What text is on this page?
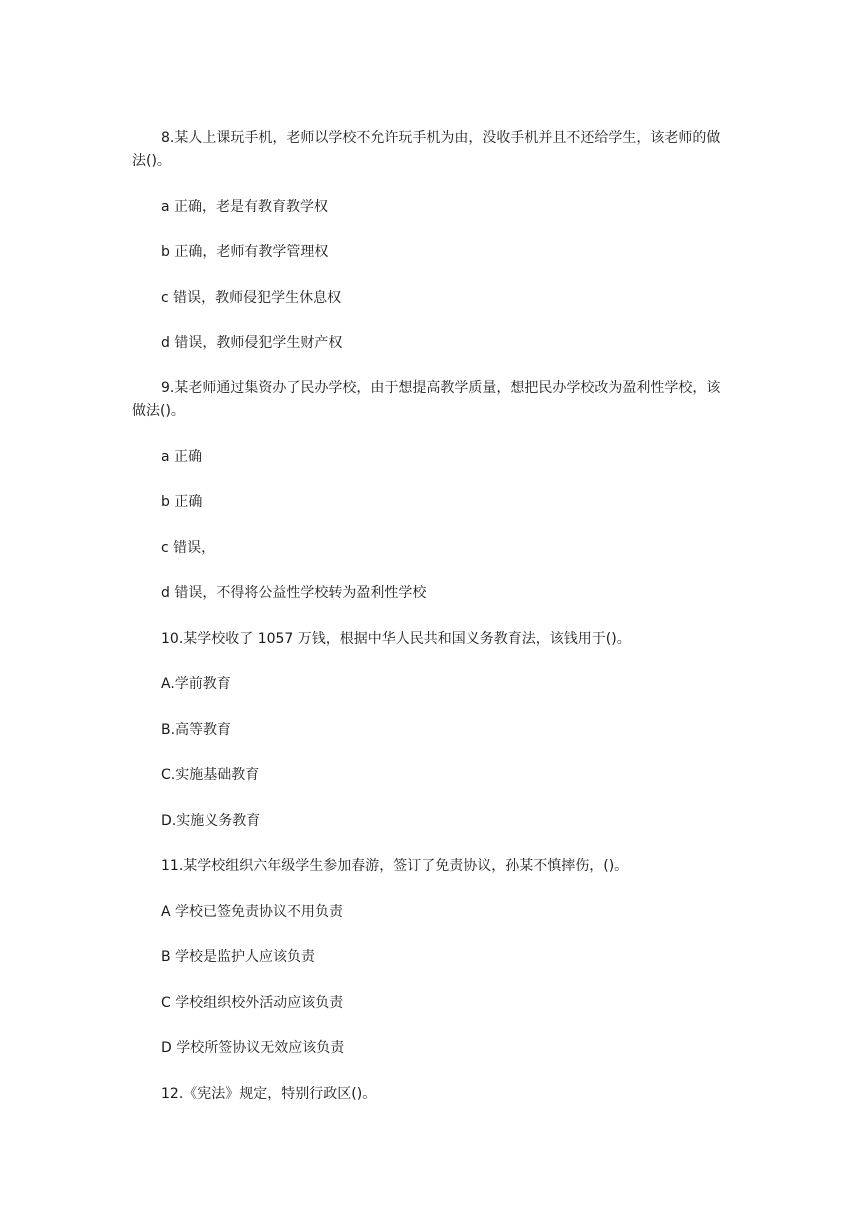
8.某人上课玩手机，老师以学校不允许玩手机为由，没收手机并且不还给学生，该老师的做法()。
a 正确，老是有教育教学权
b 正确，老师有教学管理权
c 错误，教师侵犯学生休息权
d 错误，教师侵犯学生财产权
9.某老师通过集资办了民办学校，由于想提高教学质量，想把民办学校改为盈利性学校，该做法()。
a 正确
b 正确
c 错误，
d 错误，不得将公益性学校转为盈利性学校
10.某学校收了 1057 万钱，根据中华人民共和国义务教育法，该钱用于()。
A.学前教育
B.高等教育
C.实施基础教育
D.实施义务教育
11.某学校组织六年级学生参加春游，签订了免责协议，孙某不慎摔伤，()。
A 学校已签免责协议不用负责
B 学校是监护人应该负责
C 学校组织校外活动应该负责
D 学校所签协议无效应该负责
12.《宪法》规定，特别行政区()。
